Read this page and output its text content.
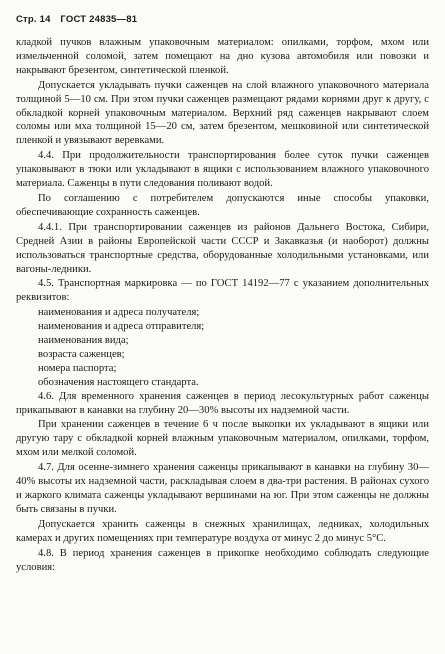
Стр. 14 ГОСТ 24835—81

кладкой пучков влажным упаковочным материалом: опилками, торфом, мхом или измельченной соломой, затем помещают на дно кузова автомобиля или повозки и накрывают брезентом, синтетической пленкой.

Допускается укладывать пучки саженцев на слой влажного упаковочного материала толщиной 5—10 см. При этом пучки саженцев размещают рядами корнями друг к другу, с обкладкой корней упаковочным материалом. Верхний ряд саженцев накрывают слоем соломы или мха толщиной 15—20 см, затем брезентом, мешковиной или синтетической пленкой и увязывают веревками.

4.4. При продолжительности транспортирования более суток пучки саженцев упаковывают в тюки или укладывают в ящики с использованием влажного упаковочного материала. Саженцы в пути следования поливают водой.

По соглашению с потребителем допускаются иные способы упаковки, обеспечивающие сохранность саженцев.

4.4.1. При транспортировании саженцев из районов Дальнего Востока, Сибири, Средней Азии в районы Европейской части СССР и Закавказья (и наоборот) должны использоваться транспортные средства, оборудованные холодильными установками, или вагоны-ледники.

4.5. Транспортная маркировка — по ГОСТ 14192—77 с указанием дополнительных реквизитов:

наименования и адреса получателя;

наименования и адреса отправителя;

наименования вида;

возраста саженцев;

номера паспорта;

обозначения настоящего стандарта.

4.6. Для временного хранения саженцев в период лесокультурных работ саженцы прикапывают в канавки на глубину 20—30% высоты их надземной части.

При хранении саженцев в течение 6 ч после выкопки их укладывают в ящики или другую тару с обкладкой корней влажным упаковочным материалом, опилками, торфом, мхом или мелкой соломой.

4.7. Для осенне-зимнего хранения саженцы прикапывают в канавки на глубину 30—40% высоты их надземной части, раскладывая слоем в два-три растения. В районах сухого и жаркого климата саженцы укладывают вершинами на юг. При этом саженцы не должны быть связаны в пучки.

Допускается хранить саженцы в снежных хранилищах, ледниках, холодильных камерах и других помещениях при температуре воздуха от минус 2 до минус 5°C.

4.8. В период хранения саженцев в прикопке необходимо соблюдать следующие условия:
